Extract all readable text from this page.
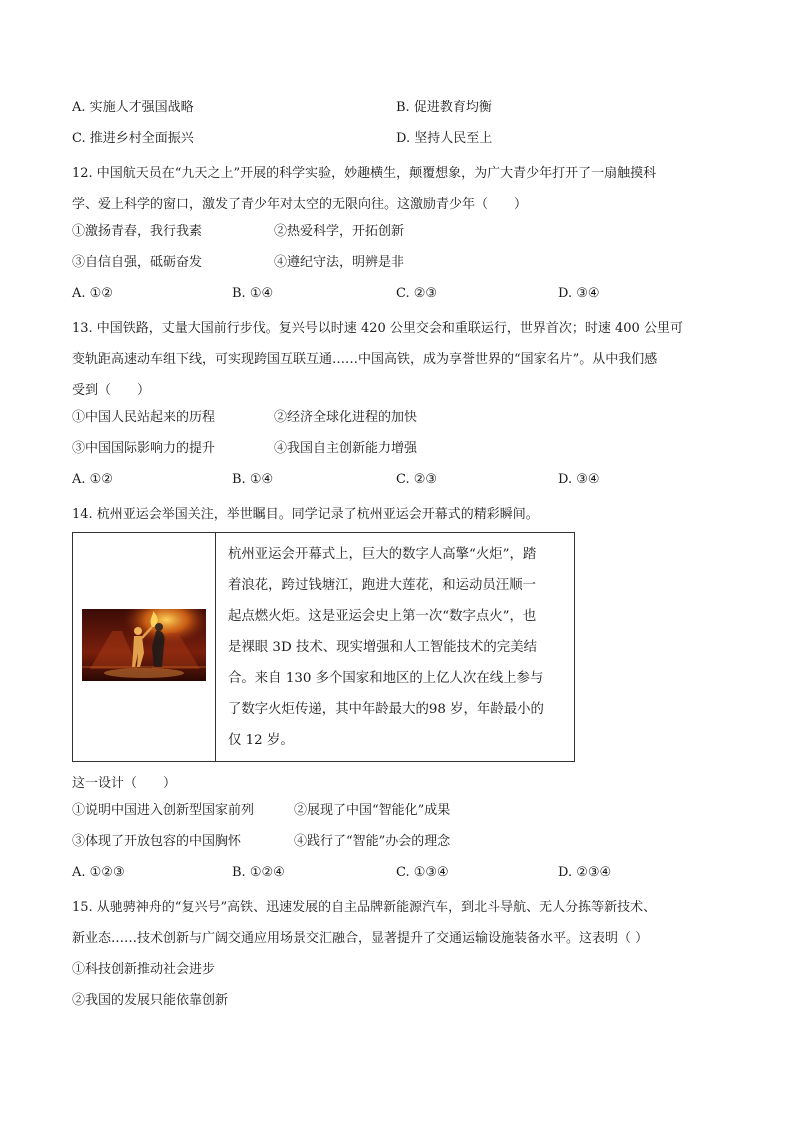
A. 实施人才强国战略	B. 促进教育均衡
C. 推进乡村全面振兴	D. 坚持人民至上
12. 中国航天员在“九天之上”开展的科学实验，妙趣横生，颠覆想象，为广大青少年打开了一扇触摸科
学、爱上科学的窗口，激发了青少年对太空的无限向往。这激励青少年（　　）
①激扬青春，我行我素	②热爱科学，开拓创新
③自信自强，砥砺奋发	④遵纪守法，明辨是非
A. ①②	B. ①④	C. ②③	D. ③④
13. 中国铁路，丈量大国前行步伐。复兴号以时速 420 公里交会和重联运行，世界首次；时速 400 公里可
变轨距高速动车组下线，可实现跨国互联互通……中国高铁，成为享誉世界的“国家名片”。从中我们感
受到（　　）
①中国人民站起来的历程	②经济全球化进程的加快
③中国国际影响力的提升	④我国自主创新能力增强
A. ①②	B. ①④	C. ②③	D. ③④
14. 杭州亚运会举国关注，举世瞩目。同学记录了杭州亚运会开幕式的精彩瞬间。

杭州亚运会开幕式上，巨大的数字人高擎“火炬”，踏

着浪花，跨过钱塘江，跑进大莲花，和运动员汪顺一

起点燃火炬。这是亚运会史上第一次“数字点火”，也

是裸眼 3D 技术、现实增强和人工智能技术的完美结

合。来自 130 多个国家和地区的上亿人次在线上参与

了数字火炬传递，其中年龄最大的98 岁，年龄最小的

仅 12 岁。

这一设计（　　）
①说明中国进入创新型国家前列	②展现了中国“智能化”成果
③体现了开放包容的中国胸怀	④践行了“智能”办会的理念
A. ①②③	B. ①②④	C. ①③④	D. ②③④
15. 从驰骋神舟的“复兴号”高铁、迅速发展的自主品牌新能源汽车，到北斗导航、无人分拣等新技术、
新业态……技术创新与广阔交通应用场景交汇融合，显著提升了交通运输设施装备水平。这表明（ ）
①科技创新推动社会进步
②我国的发展只能依靠创新
